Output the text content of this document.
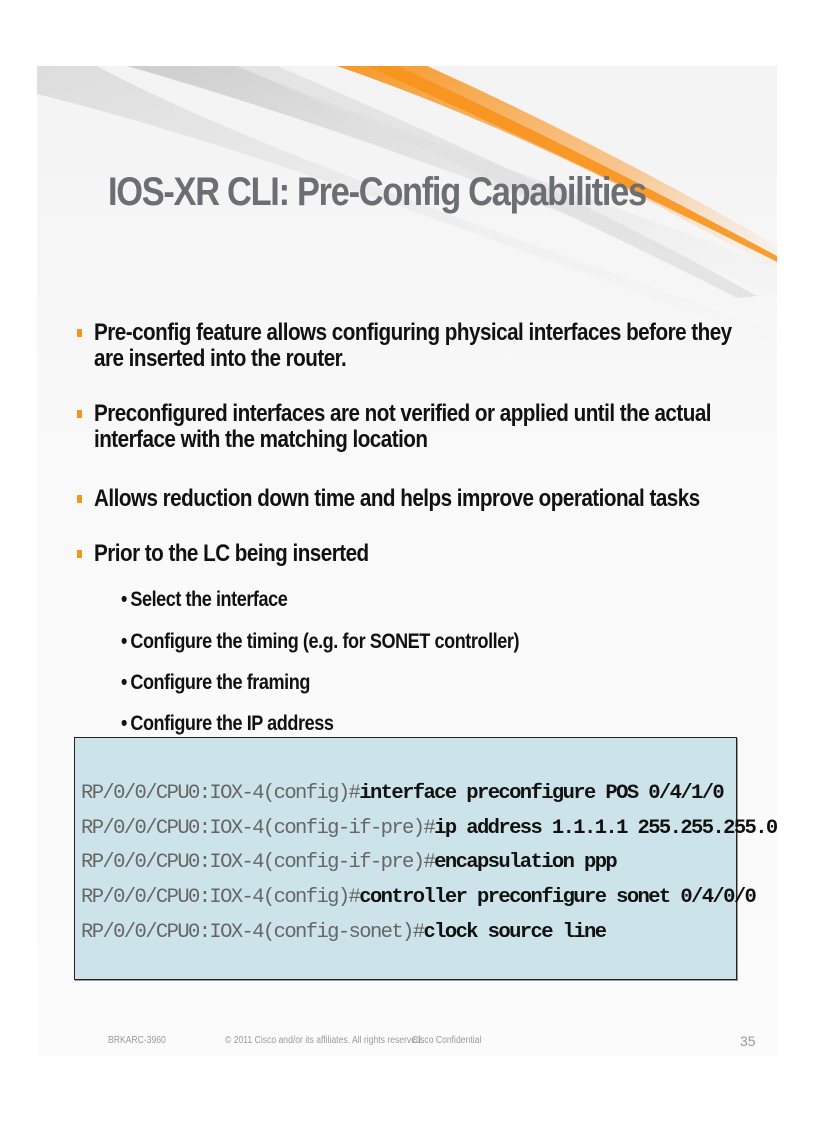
IOS-XR CLI: Pre-Config Capabilities
Pre-config feature allows configuring physical interfaces before they are inserted into the router.
Preconfigured interfaces are not verified or applied until the actual interface with the matching location
Allows reduction down time and helps improve operational tasks
Prior to the LC being inserted
• Select the interface
• Configure the timing (e.g. for SONET controller)
• Configure the framing
• Configure the IP address
RP/0/0/CPU0:IOX-4(config)#interface preconfigure POS 0/4/1/0
RP/0/0/CPU0:IOX-4(config-if-pre)#ip address 1.1.1.1 255.255.255.0
RP/0/0/CPU0:IOX-4(config-if-pre)#encapsulation ppp
RP/0/0/CPU0:IOX-4(config)#controller preconfigure sonet 0/4/0/0
RP/0/0/CPU0:IOX-4(config-sonet)#clock source line
BRKARC-3960	© 2011 Cisco and/or its affiliates. All rights reserved.
Cisco Confidential	35
